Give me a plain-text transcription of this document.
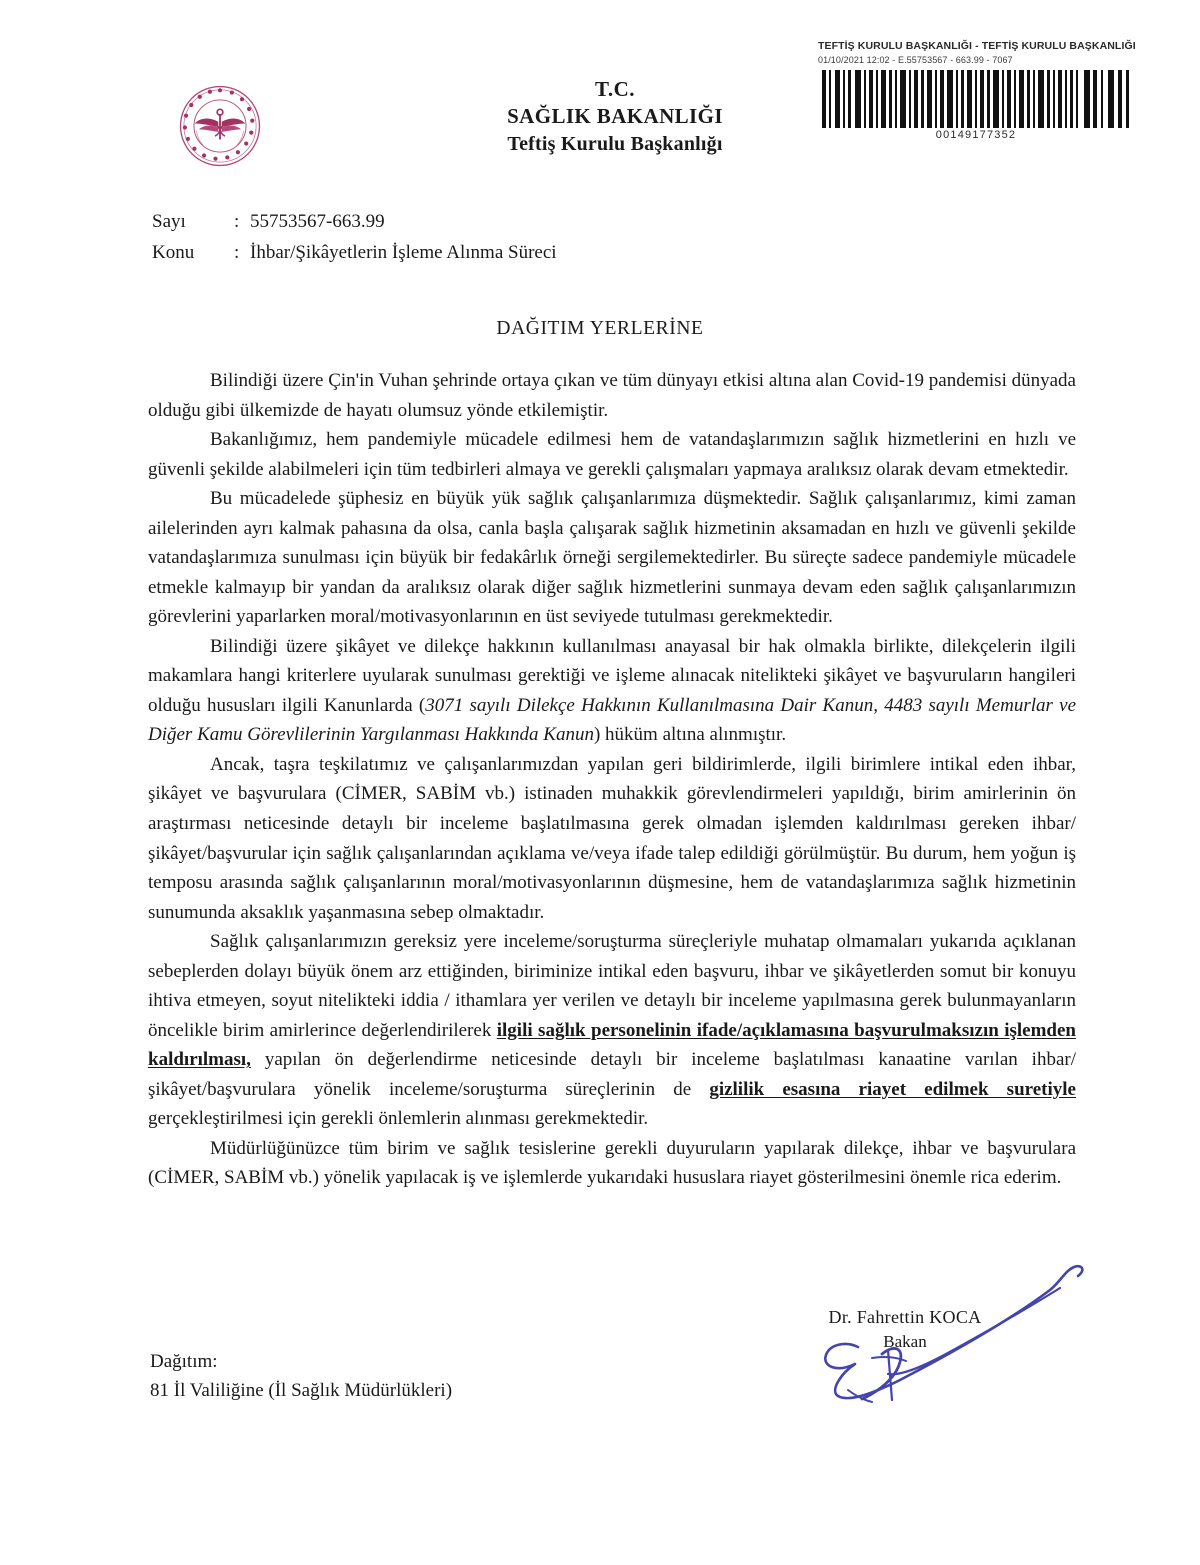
T.C.
SAĞLIK BAKANLIĞI
Teftiş Kurulu Başkanlığı
TEFTİŞ KURULU BAŞKANLIĞI - TEFTİŞ KURULU BAŞKANLIĞI
01/10/2021 12:02 - E.55753567 - 663.99 - 7067
00149177352
Sayı	: 55753567-663.99
Konu	: İhbar/Şikâyetlerin İşleme Alınma Süreci
DAĞITIM YERLERİNE

Bilindiği üzere Çin'in Vuhan şehrinde ortaya çıkan ve tüm dünyayı etkisi altına alan Covid-19 pandemisi dünyada olduğu gibi ülkemizde de hayatı olumsuz yönde etkilemiştir.

Bakanlığımız, hem pandemiyle mücadele edilmesi hem de vatandaşlarımızın sağlık hizmetlerini en hızlı ve güvenli şekilde alabilmeleri için tüm tedbirleri almaya ve gerekli çalışmaları yapmaya aralıksız olarak devam etmektedir.

Bu mücadelede şüphesiz en büyük yük sağlık çalışanlarımıza düşmektedir. Sağlık çalışanlarımız, kimi zaman ailelerinden ayrı kalmak pahasına da olsa, canla başla çalışarak sağlık hizmetinin aksamadan en hızlı ve güvenli şekilde vatandaşlarımıza sunulması için büyük bir fedakârlık örneği sergilemektedirler. Bu süreçte sadece pandemiyle mücadele etmekle kalmayıp bir yandan da aralıksız olarak diğer sağlık hizmetlerini sunmaya devam eden sağlık çalışanlarımızın görevlerini yaparlarken moral/motivasyonlarının en üst seviyede tutulması gerekmektedir.

Bilindiği üzere şikâyet ve dilekçe hakkının kullanılması anayasal bir hak olmakla birlikte, dilekçelerin ilgili makamlara hangi kriterlere uyularak sunulması gerektiği ve işleme alınacak nitelikteki şikâyet ve başvuruların hangileri olduğu hususları ilgili Kanunlarda (3071 sayılı Dilekçe Hakkının Kullanılmasına Dair Kanun, 4483 sayılı Memurlar ve Diğer Kamu Görevlilerinin Yargılanması Hakkında Kanun) hüküm altına alınmıştır.

Ancak, taşra teşkilatımız ve çalışanlarımızdan yapılan geri bildirimlerde, ilgili birimlere intikal eden ihbar, şikâyet ve başvurulara (CİMER, SABİM vb.) istinaden muhakkik görevlendirmeleri yapıldığı, birim amirlerinin ön araştırması neticesinde detaylı bir inceleme başlatılmasına gerek olmadan işlemden kaldırılması gereken ihbar/şikâyet/başvurular için sağlık çalışanlarından açıklama ve/veya ifade talep edildiği görülmüştür. Bu durum, hem yoğun iş temposu arasında sağlık çalışanlarının moral/motivasyonlarının düşmesine, hem de vatandaşlarımıza sağlık hizmetinin sunumunda aksaklık yaşanmasına sebep olmaktadır.

Sağlık çalışanlarımızın gereksiz yere inceleme/soruşturma süreçleriyle muhatap olmamaları yukarıda açıklanan sebeplerden dolayı büyük önem arz ettiğinden, biriminize intikal eden başvuru, ihbar ve şikâyetlerden somut bir konuyu ihtiva etmeyen, soyut nitelikteki iddia / ithamlara yer verilen ve detaylı bir inceleme yapılmasına gerek bulunmayanların öncelikle birim amirlerince değerlendirilerek ilgili sağlık personelinin ifade/açıklamasına başvurulmaksızın işlemden kaldırılması, yapılan ön değerlendirme neticesinde detaylı bir inceleme başlatılması kanaatine varılan ihbar/şikâyet/başvurulara yönelik inceleme/soruşturma süreçlerinin de gizlilik esasına riayet edilmek suretiyle gerçekleştirilmesi için gerekli önlemlerin alınması gerekmektedir.

Müdürlüğünüzce tüm birim ve sağlık tesislerine gerekli duyuruların yapılarak dilekçe, ihbar ve başvurulara (CİMER, SABİM vb.) yönelik yapılacak iş ve işlemlerde yukarıdaki hususlara riayet gösterilmesini önemle rica ederim.

Dr. Fahrettin KOCA
Bakan
Dağıtım:
81 İl Valiliğine (İl Sağlık Müdürlükleri)
